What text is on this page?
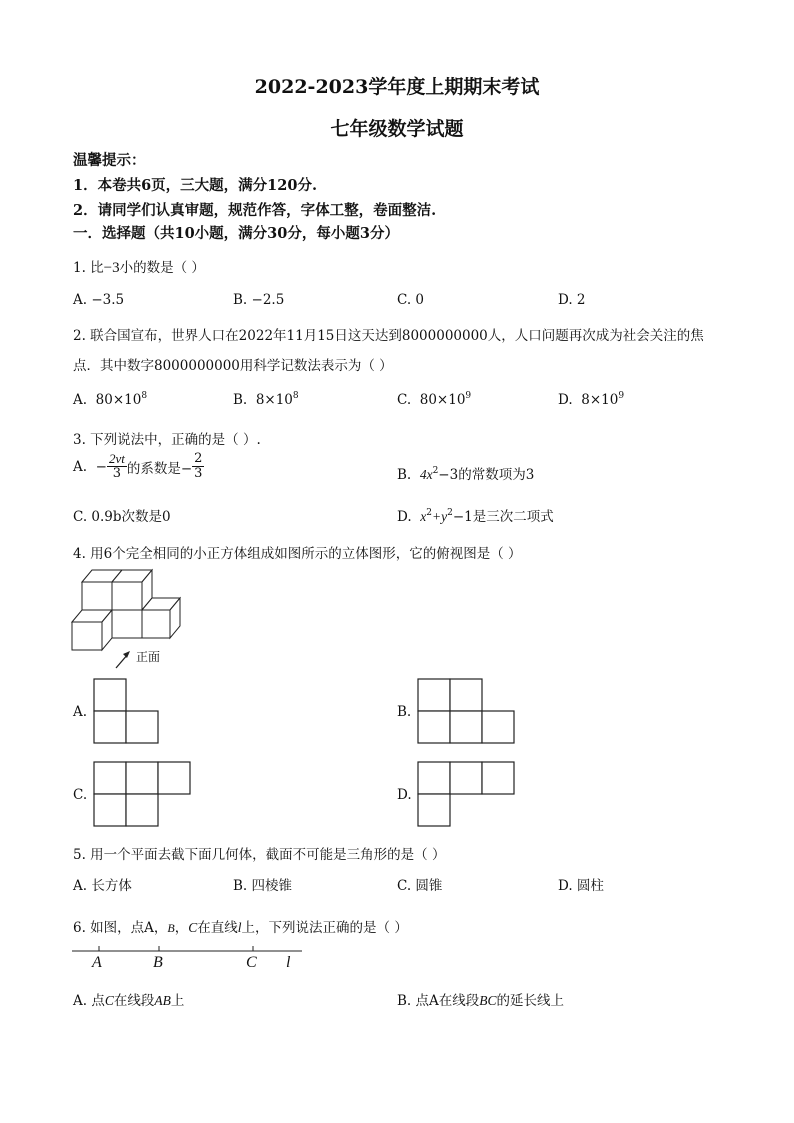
2022-2023学年度上期期末考试
七年级数学试题
温馨提示：
1．本卷共6页，三大题，满分120分.
2．请同学们认真审题，规范作答，字体工整，卷面整洁.
一．选择题（共10小题，满分30分，每小题3分）
1. 比−3小的数是（ ）
A. −3.5	B. −2.5	C. 0	D. 2
2. 联合国宣布，世界人口在2022年11月15日这天达到8000000000人，人口问题再次成为社会关注的焦
点．其中数字8000000000用科学记数法表示为（ ）
A. $80\times 10^8$	B. $8\times 10^8$	C. $80\times 10^9$	D. $8\times 10^9$
3. 下列说法中，正确的是（ ）.
A. − $\frac{2vt}{3}$ 的系数是− $\frac{2}{3}$	B. $4x^2-3$的常数项为3
C. 0.9b次数是0	D. $x^2+y^2-1$是三次二项式
4. 用6个完全相同的小正方体组成如图所示的立体图形，它的俯视图是（ ）
正面
A.	B.
C.	D.
5. 用一个平面去截下面几何体，截面不可能是三角形的是（ ）
A. 长方体	B. 四棱锥	C. 圆锥	D. 圆柱
6. 如图，点A，B，C在直线l上，下列说法正确的是（ ）
A	B	C l
A. 点C在线段AB上	B. 点A在线段BC的延长线上
